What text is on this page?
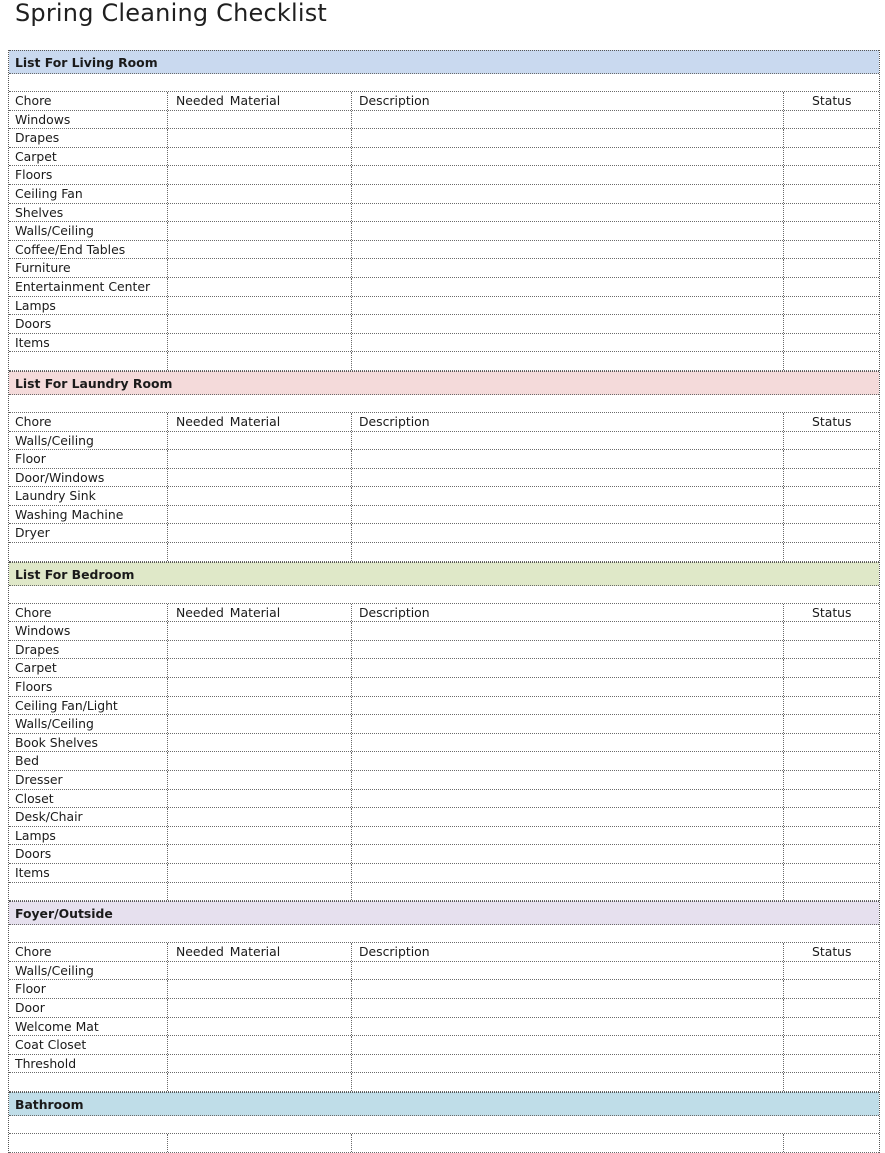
Spring Cleaning Checklist
List For Living Room
Chore	Needed Material	Description	Status
Windows
Drapes
Carpet
Floors
Ceiling Fan
Shelves
Walls/Ceiling
Coffee/End Tables
Furniture
Entertainment Center
Lamps
Doors
Items
List For Laundry Room
Chore	Needed Material	Description	Status
Walls/Ceiling
Floor
Door/Windows
Laundry Sink
Washing Machine
Dryer
List For Bedroom
Chore	Needed Material	Description	Status
Windows
Drapes
Carpet
Floors
Ceiling Fan/Light
Walls/Ceiling
Book Shelves
Bed
Dresser
Closet
Desk/Chair
Lamps
Doors
Items
Foyer/Outside
Chore	Needed Material	Description	Status
Walls/Ceiling
Floor
Door
Welcome Mat
Coat Closet
Threshold
Bathroom
